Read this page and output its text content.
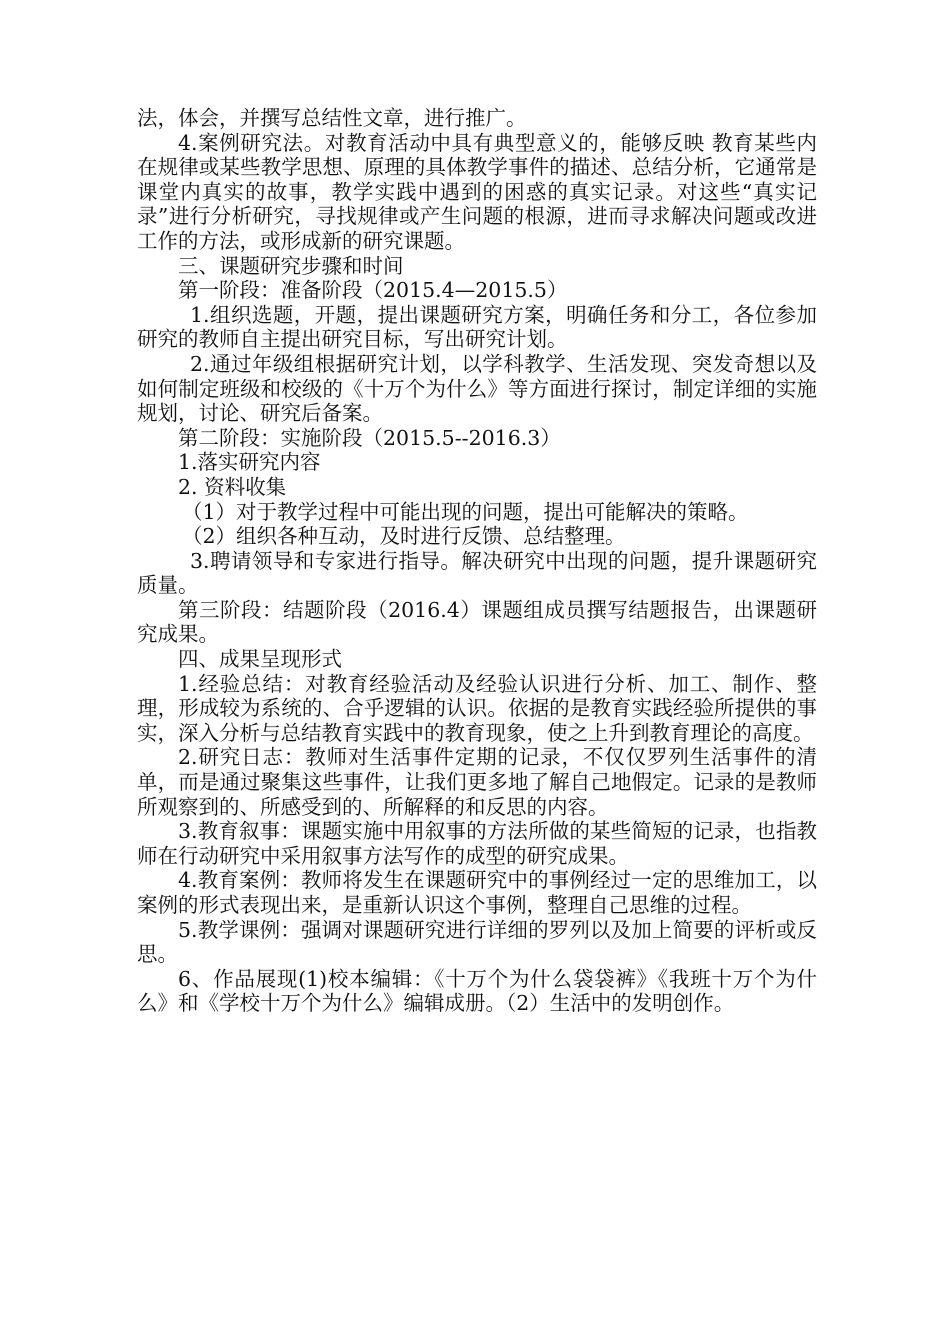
法，体会，并撰写总结性文章，进行推广。

4.案例研究法。对教育活动中具有典型意义的，能够反映 教育某些内在规律或某些教学思想、原理的具体教学事件的描述、总结分析，它通常是课堂内真实的故事，教学实践中遇到的困惑的真实记录。对这些“真实记录”进行分析研究，寻找规律或产生问题的根源，进而寻求解决问题或改进工作的方法，或形成新的研究课题。

三、课题研究步骤和时间

第一阶段：准备阶段（2015.4—2015.5）

1.组织选题，开题，提出课题研究方案，明确任务和分工，各位参加研究的教师自主提出研究目标，写出研究计划。

2.通过年级组根据研究计划，以学科教学、生活发现、突发奇想以及如何制定班级和校级的《十万个为什么》等方面进行探讨，制定详细的实施规划，讨论、研究后备案。

第二阶段：实施阶段（2015.5--2016.3）

1.落实研究内容

2. 资料收集

（1）对于教学过程中可能出现的问题，提出可能解决的策略。

（2）组织各种互动，及时进行反馈、总结整理。

3.聘请领导和专家进行指导。解决研究中出现的问题，提升课题研究质量。

第三阶段：结题阶段（2016.4）课题组成员撰写结题报告，出课题研究成果。

四、成果呈现形式

1.经验总结：对教育经验活动及经验认识进行分析、加工、制作、整理，形成较为系统的、合乎逻辑的认识。依据的是教育实践经验所提供的事实，深入分析与总结教育实践中的教育现象，使之上升到教育理论的高度。

2.研究日志：教师对生活事件定期的记录，不仅仅罗列生活事件的清单，而是通过聚集这些事件，让我们更多地了解自己地假定。记录的是教师所观察到的、所感受到的、所解释的和反思的内容。

3.教育叙事：课题实施中用叙事的方法所做的某些简短的记录，也指教师在行动研究中采用叙事方法写作的成型的研究成果。

4.教育案例：教师将发生在课题研究中的事例经过一定的思维加工，以案例的形式表现出来，是重新认识这个事例，整理自己思维的过程。

5.教学课例：强调对课题研究进行详细的罗列以及加上简要的评析或反思。

6、作品展现(1)校本编辑：《十万个为什么袋袋裤》《我班十万个为什么》和《学校十万个为什么》编辑成册。（2）生活中的发明创作。
